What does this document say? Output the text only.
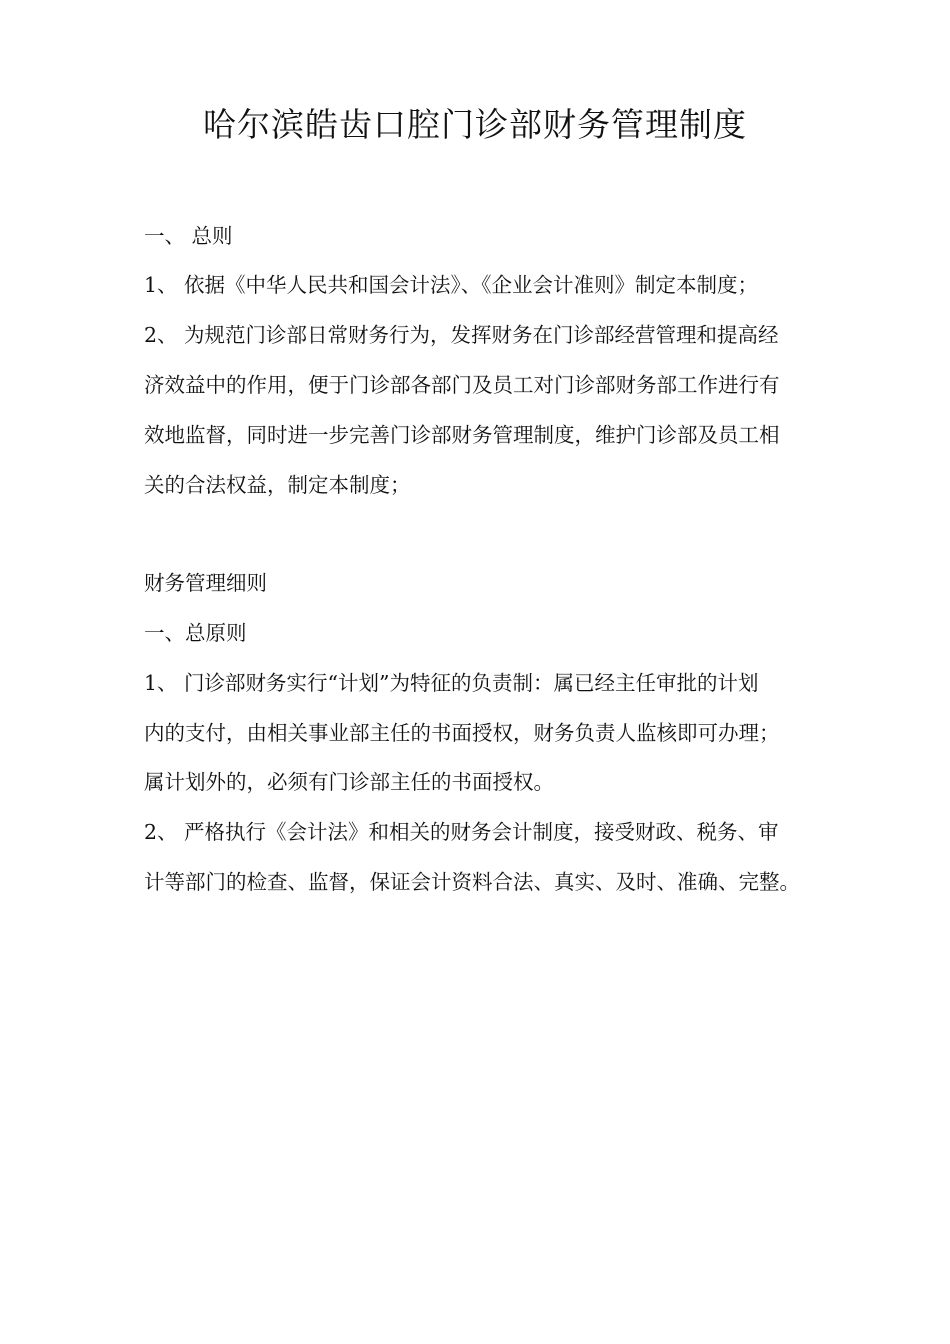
哈尔滨皓齿口腔门诊部财务管理制度

一、 总则

1、 依据《中华人民共和国会计法》、《企业会计准则》制定本制度；

2、 为规范门诊部日常财务行为，发挥财务在门诊部经营管理和提高经

济效益中的作用，便于门诊部各部门及员工对门诊部财务部工作进行有

效地监督，同时进一步完善门诊部财务管理制度，维护门诊部及员工相

关的合法权益，制定本制度；

财务管理细则

一、总原则

1、 门诊部财务实行“计划”为特征的负责制：属已经主任审批的计划

内的支付，由相关事业部主任的书面授权，财务负责人监核即可办理；

属计划外的，必须有门诊部主任的书面授权。

2、 严格执行《会计法》和相关的财务会计制度，接受财政、税务、审

计等部门的检查、监督，保证会计资料合法、真实、及时、准确、完整。
